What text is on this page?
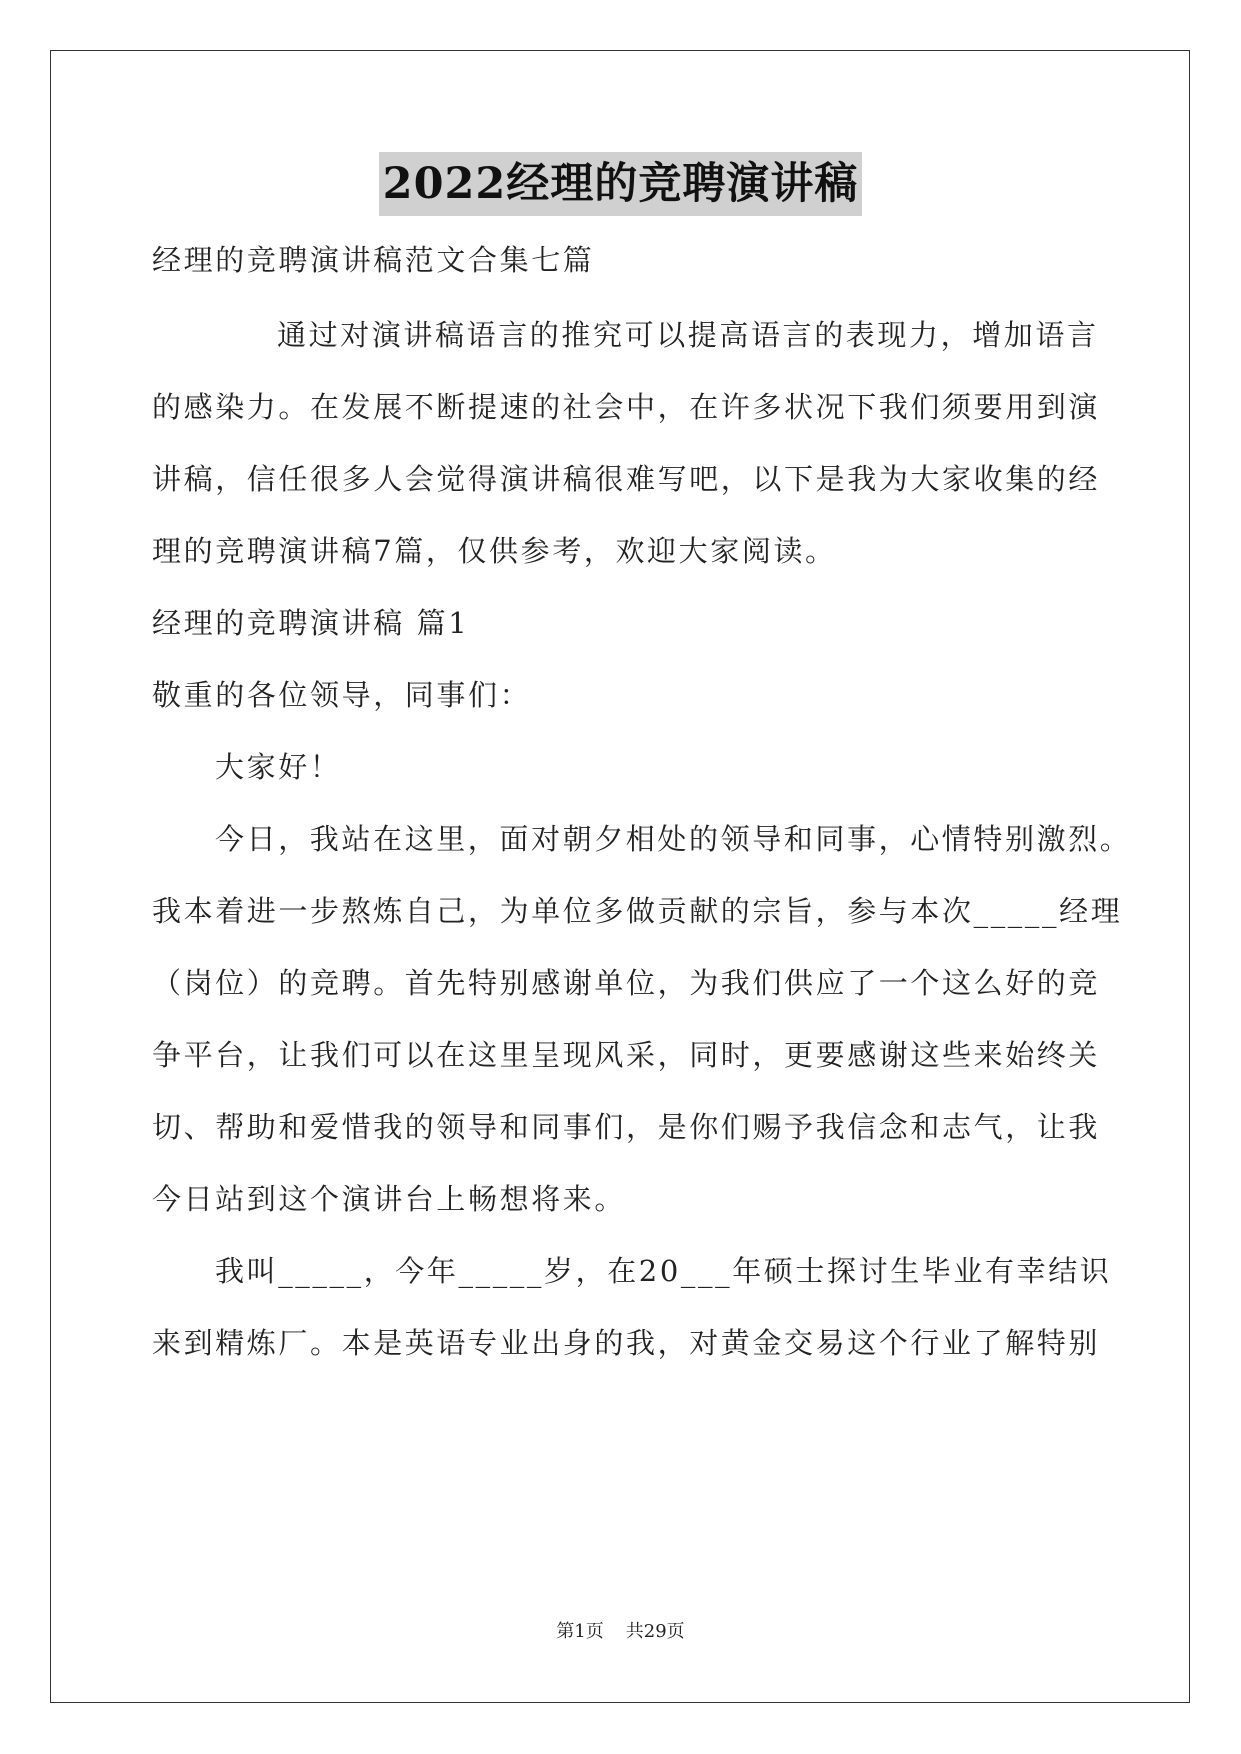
2022经理的竞聘演讲稿
经理的竞聘演讲稿范文合集七篇
通过对演讲稿语言的推究可以提高语言的表现力，增加语言
的感染力。在发展不断提速的社会中，在许多状况下我们须要用到演
讲稿，信任很多人会觉得演讲稿很难写吧，以下是我为大家收集的经
理的竞聘演讲稿7篇，仅供参考，欢迎大家阅读。
经理的竞聘演讲稿 篇1
敬重的各位领导，同事们：
大家好！
今日，我站在这里，面对朝夕相处的领导和同事，心情特别激烈。
我本着进一步熬炼自己，为单位多做贡献的宗旨，参与本次_____经理
（岗位）的竞聘。首先特别感谢单位，为我们供应了一个这么好的竞
争平台，让我们可以在这里呈现风采，同时，更要感谢这些来始终关
切、帮助和爱惜我的领导和同事们，是你们赐予我信念和志气，让我
今日站到这个演讲台上畅想将来。
我叫_____，今年_____岁，在20___年硕士探讨生毕业有幸结识
来到精炼厂。本是英语专业出身的我，对黄金交易这个行业了解特别
第1页 共29页
